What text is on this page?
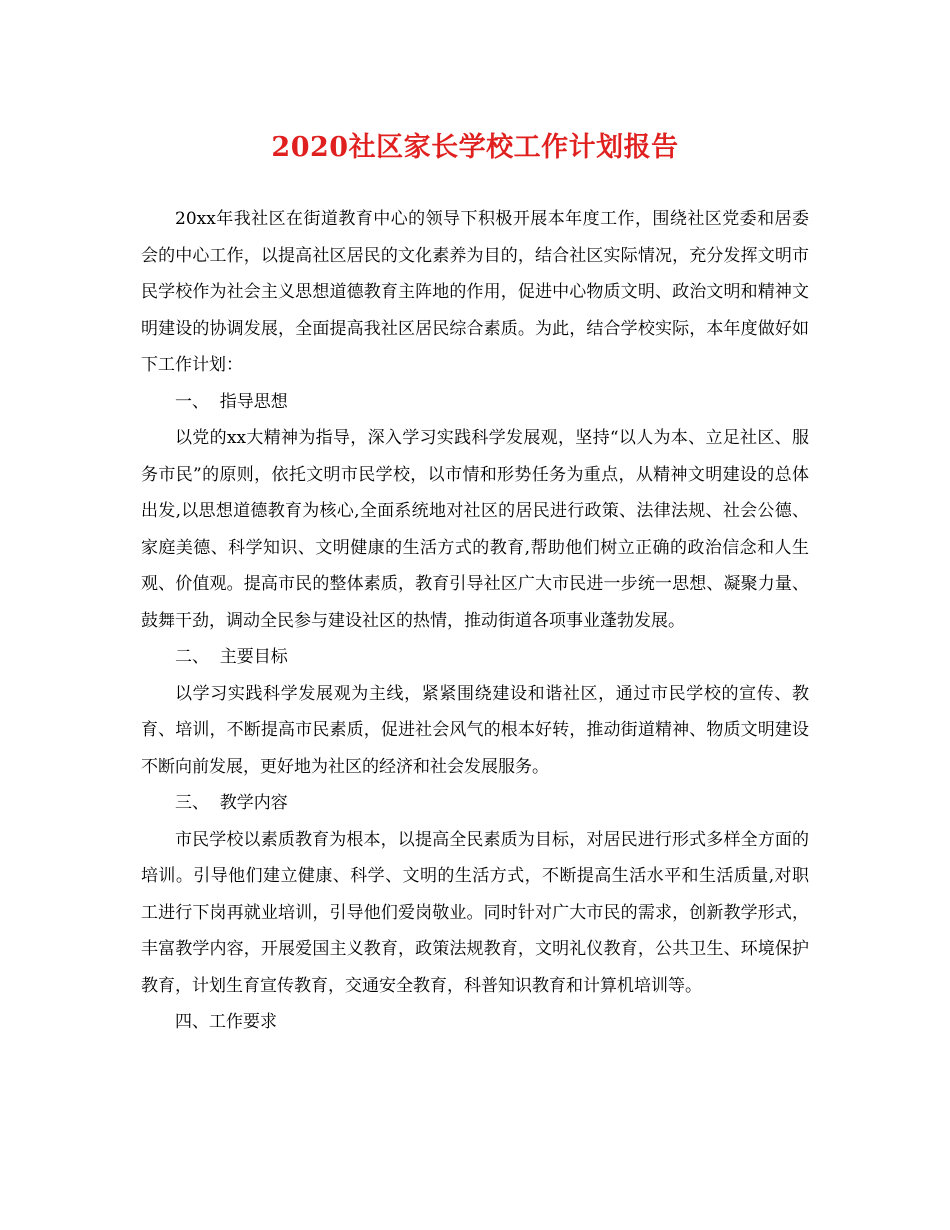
2020社区家长学校工作计划报告

20xx年我社区在街道教育中心的领导下积极开展本年度工作，围绕社区党委和居委会的中心工作，以提高社区居民的文化素养为目的，结合社区实际情况，充分发挥文明市民学校作为社会主义思想道德教育主阵地的作用，促进中心物质文明、政治文明和精神文明建设的协调发展，全面提高我社区居民综合素质。为此，结合学校实际，本年度做好如下工作计划：

一、  指导思想

以党的xx大精神为指导，深入学习实践科学发展观，坚持“以人为本、立足社区、服务市民”的原则，依托文明市民学校，以市情和形势任务为重点，从精神文明建设的总体出发,以思想道德教育为核心,全面系统地对社区的居民进行政策、法律法规、社会公德、家庭美德、科学知识、文明健康的生活方式的教育,帮助他们树立正确的政治信念和人生观、价值观。提高市民的整体素质，教育引导社区广大市民进一步统一思想、凝聚力量、鼓舞干劲，调动全民参与建设社区的热情，推动街道各项事业蓬勃发展。

二、  主要目标

以学习实践科学发展观为主线，紧紧围绕建设和谐社区，通过市民学校的宣传、教育、培训，不断提高市民素质，促进社会风气的根本好转，推动街道精神、物质文明建设不断向前发展，更好地为社区的经济和社会发展服务。

三、  教学内容

市民学校以素质教育为根本，以提高全民素质为目标，对居民进行形式多样全方面的培训。引导他们建立健康、科学、文明的生活方式，不断提高生活水平和生活质量,对职工进行下岗再就业培训，引导他们爱岗敬业。同时针对广大市民的需求，创新教学形式，丰富教学内容，开展爱国主义教育，政策法规教育，文明礼仪教育，公共卫生、环境保护教育，计划生育宣传教育，交通安全教育，科普知识教育和计算机培训等。

四、工作要求
